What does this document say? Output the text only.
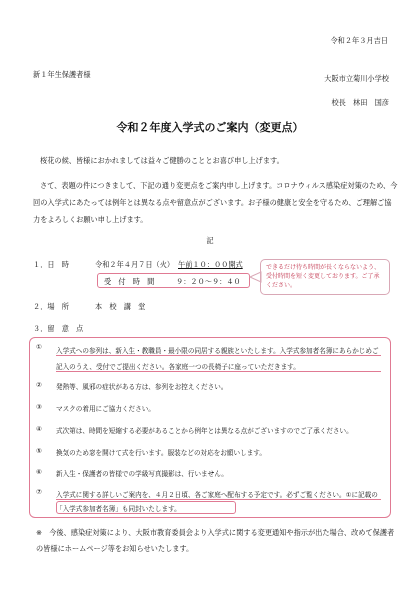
令和２年３月吉日
新１年生保護者様	大阪市立菊川小学校
校長　林田　国彦
令和２年度入学式のご案内（変更点）
桜花の候、皆様におかれましては益々ご健勝のこととお喜び申し上げます。
さて、表題の件につきまして、下記の通り変更点をご案内申し上げます。コロナウィルス感染症対策のため、今回の入学式にあたっては例年とは異なる点や留意点がございます。お子様の健康と安全を守るため、ご理解ご協力をよろしくお願い申し上げます。
記
１．日　時	令和２年４月７日（火） 午前１０：００開式
受　付　時　間	９：２０～９：４０
できるだけ待ち時間が長くならないよう、受付時間を短く変更しております。ご了承ください。
２．場　所	本　校　講　堂
３．留　意　点
① 入学式への参列は、新入生・教職員・最小限の同居する親族といたします。入学式参加者名簿にあらかじめご記入のうえ、受付でご提出ください。各家庭一つの長椅子に座っていただきます。
② 発熱等、風邪の症状がある方は、参列をお控えください。
③ マスクの着用にご協力ください。
④ 式次第は、時間を短縮する必要があることから例年とは異なる点がございますのでご了承ください。
⑤ 換気のため窓を開けて式を行います。服装などの対応をお願いします。
⑥ 新入生・保護者の皆様での学級写真撮影は、行いません。
⑦ 入学式に関する詳しいご案内を、４月２日頃、各ご家庭へ配布する予定です。必ずご覧ください。①に記載の「入学式参加者名簿」も同封いたします。
※　今後、感染症対策により、大阪市教育委員会より入学式に関する変更通知や指示が出た場合、改めて保護者の皆様にホームページ等をお知らせいたします。
